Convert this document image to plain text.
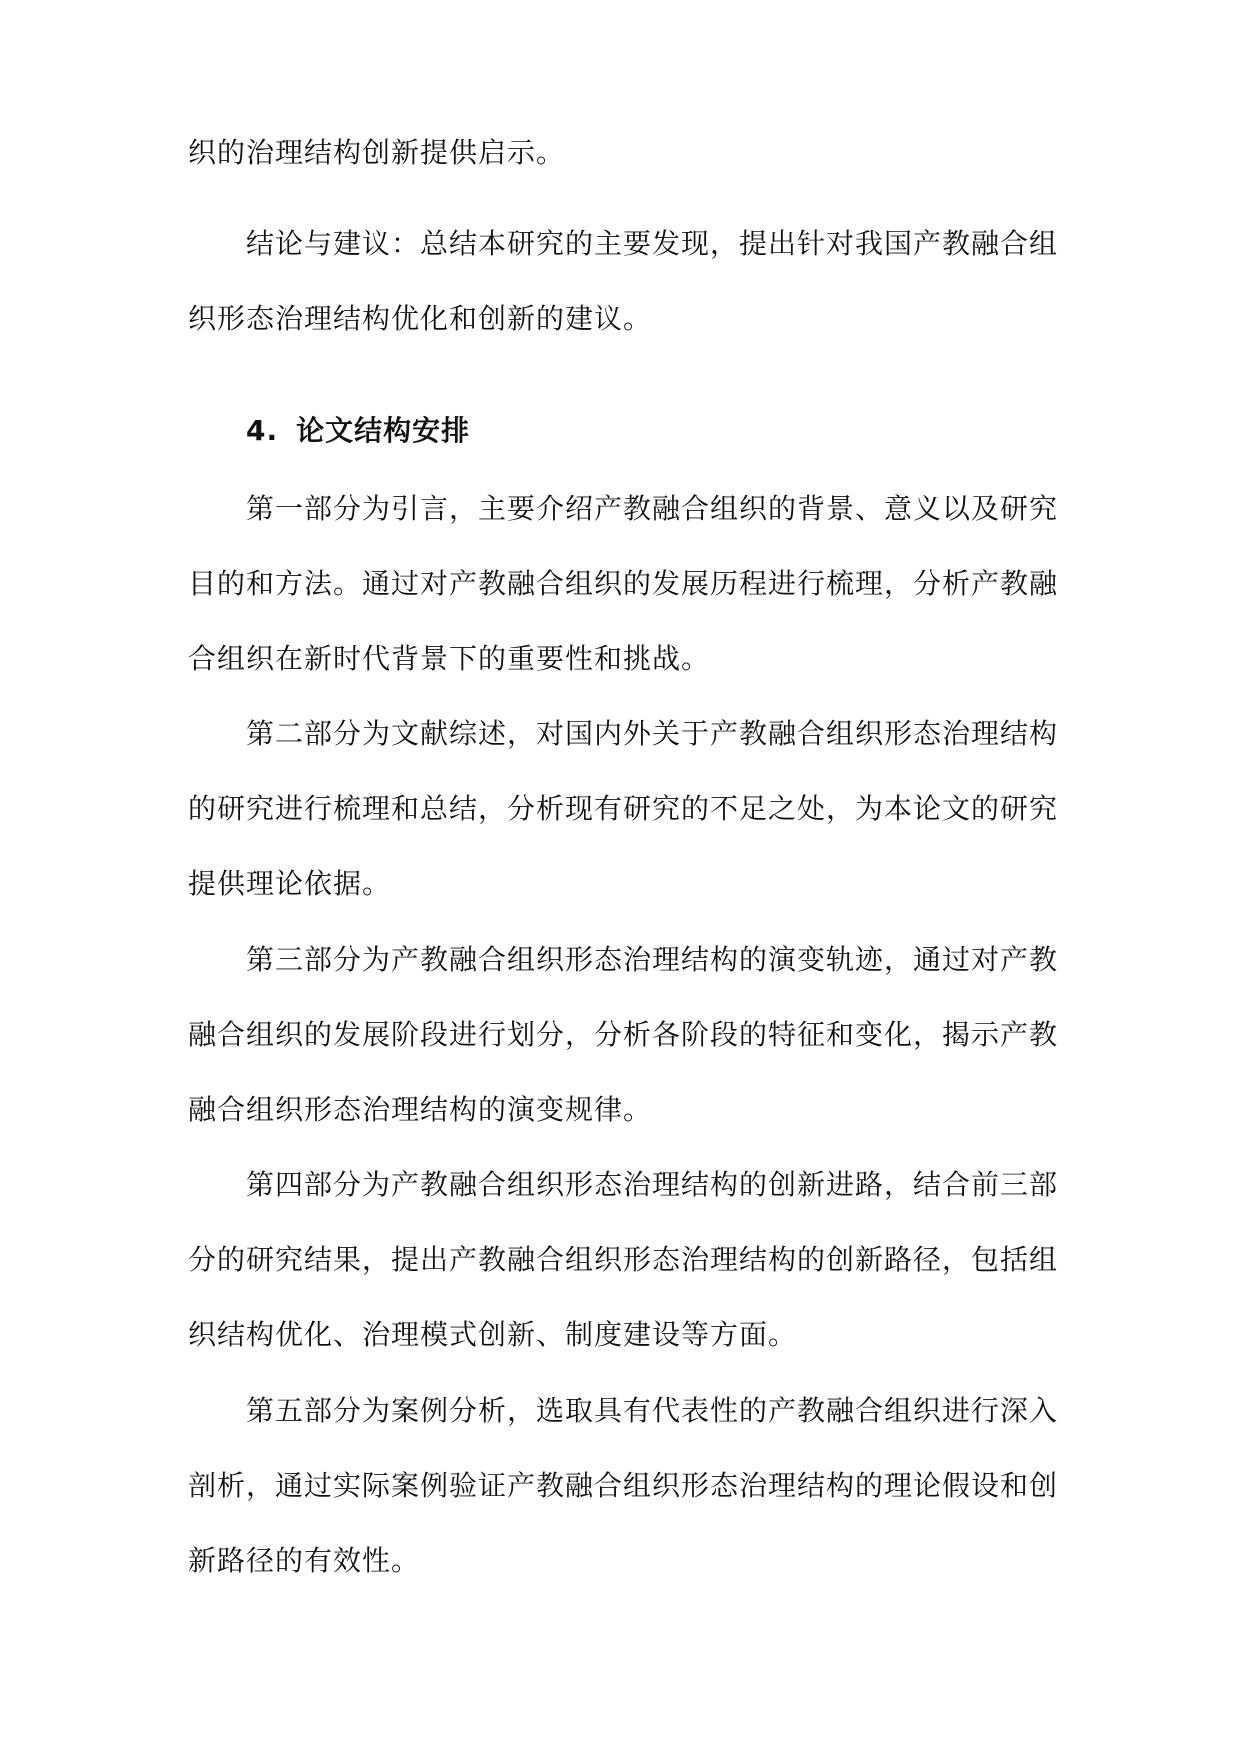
织的治理结构创新提供启示。
结论与建议：总结本研究的主要发现，提出针对我国产教融合组
织形态治理结构优化和创新的建议。
4. 论文结构安排
第一部分为引言，主要介绍产教融合组织的背景、意义以及研究
目的和方法。通过对产教融合组织的发展历程进行梳理，分析产教融
合组织在新时代背景下的重要性和挑战。
第二部分为文献综述，对国内外关于产教融合组织形态治理结构
的研究进行梳理和总结，分析现有研究的不足之处，为本论文的研究
提供理论依据。
第三部分为产教融合组织形态治理结构的演变轨迹，通过对产教
融合组织的发展阶段进行划分，分析各阶段的特征和变化，揭示产教
融合组织形态治理结构的演变规律。
第四部分为产教融合组织形态治理结构的创新进路，结合前三部
分的研究结果，提出产教融合组织形态治理结构的创新路径，包括组
织结构优化、治理模式创新、制度建设等方面。
第五部分为案例分析，选取具有代表性的产教融合组织进行深入
剖析，通过实际案例验证产教融合组织形态治理结构的理论假设和创
新路径的有效性。
